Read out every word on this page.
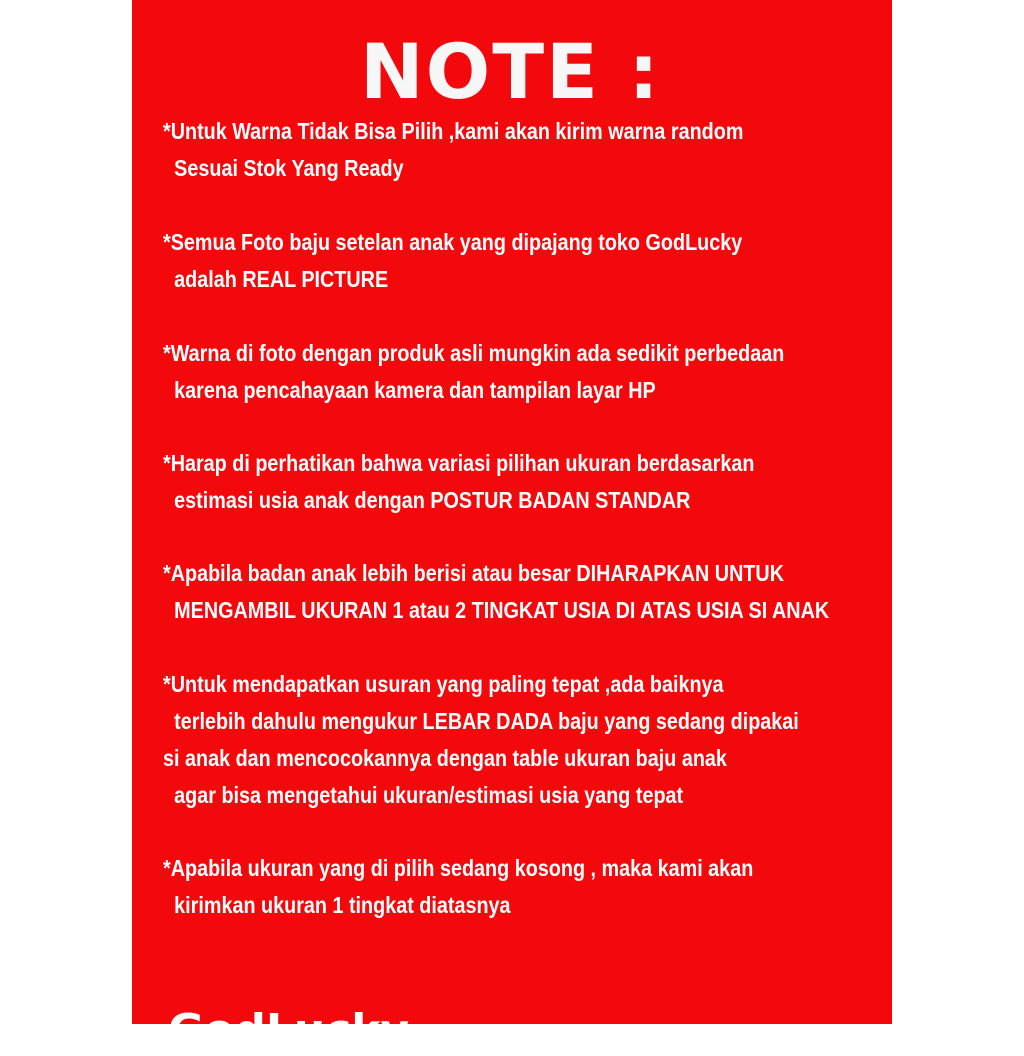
NOTE :
*Untuk Warna Tidak Bisa Pilih ,kami akan kirim warna random
Sesuai Stok Yang Ready
*Semua Foto baju setelan anak yang dipajang toko GodLucky
adalah REAL PICTURE
*Warna di foto dengan produk asli mungkin ada sedikit perbedaan
karena pencahayaan kamera dan tampilan layar HP
*Harap di perhatikan bahwa variasi pilihan ukuran berdasarkan
estimasi usia anak dengan POSTUR BADAN STANDAR
*Apabila badan anak lebih berisi atau besar DIHARAPKAN UNTUK
MENGAMBIL UKURAN 1 atau 2 TINGKAT USIA DI ATAS USIA SI ANAK
*Untuk mendapatkan usuran yang paling tepat ,ada baiknya
terlebih dahulu mengukur LEBAR DADA baju yang sedang dipakai
si anak dan mencocokannya dengan table ukuran baju anak
agar bisa mengetahui ukuran/estimasi usia yang tepat
*Apabila ukuran yang di pilih sedang kosong , maka kami akan
kirimkan ukuran 1 tingkat diatasnya
GodLucky
